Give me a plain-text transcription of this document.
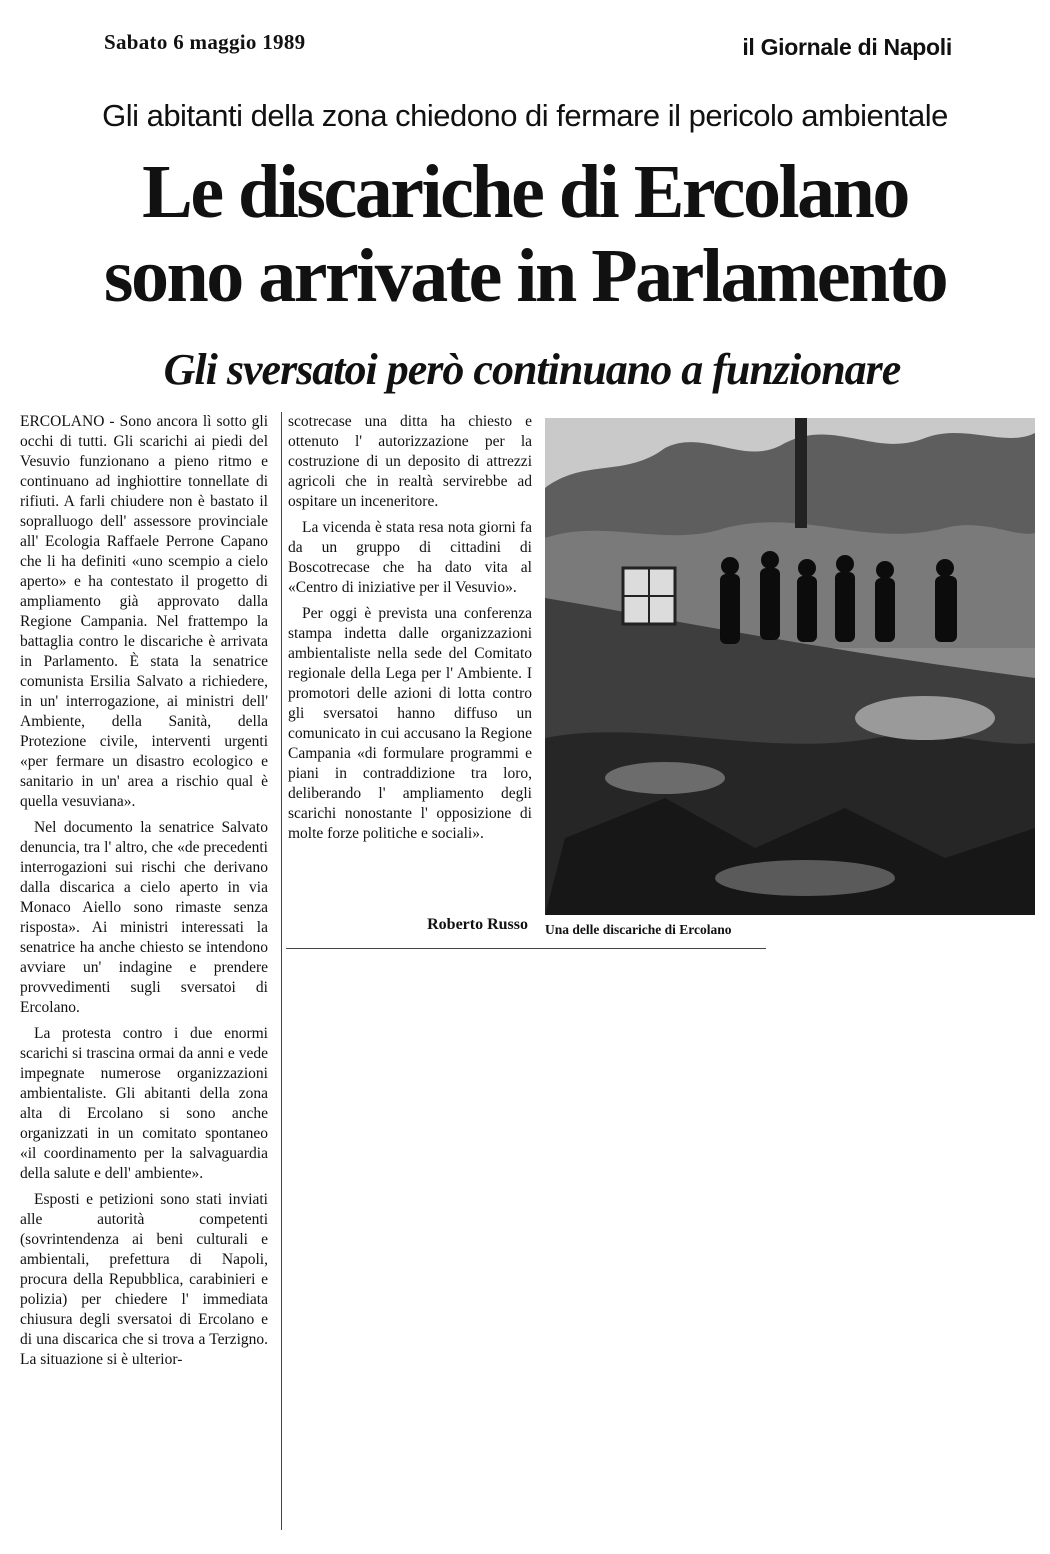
Sabato 6 maggio 1989	il Giornale di Napoli
Gli abitanti della zona chiedono di fermare il pericolo ambientale
Le discariche di Ercolano
sono arrivate in Parlamento
Gli sversatoi però continuano a funzionare

ERCOLANO - Sono ancora lì sotto gli occhi di tutti. Gli scarichi ai piedi del Vesuvio funzionano a pieno ritmo e continuano ad inghiottire tonnellate di rifiuti. A farli chiudere non è bastato il sopralluogo dell' assessore provinciale all' Ecologia Raffaele Perrone Capano che li ha definiti «uno scempio a cielo aperto» e ha contestato il progetto di ampliamento già approvato dalla Regione Campania. Nel frattempo la battaglia contro le discariche è arrivata in Parlamento. È stata la senatrice comunista Ersilia Salvato a richiedere, in un' interrogazione, ai ministri dell' Ambiente, della Sanità, della Protezione civile, interventi urgenti «per fermare un disastro ecologico e sanitario in un' area a rischio qual è quella vesuviana».

Nel documento la senatrice Salvato denuncia, tra l' altro, che «de precedenti interrogazioni sui rischi che derivano dalla discarica a cielo aperto in via Monaco Aiello sono rimaste senza risposta». Ai ministri interessati la senatrice ha anche chiesto se intendono avviare un' indagine e prendere provvedimenti sugli sversatoi di Ercolano.

La protesta contro i due enormi scarichi si trascina ormai da anni e vede impegnate numerose organizzazioni ambientaliste. Gli abitanti della zona alta di Ercolano si sono anche organizzati in un comitato spontaneo «il coordinamento per la salvaguardia della salute e dell' ambiente».

Esposti e petizioni sono stati inviati alle autorità competenti (sovrintendenza ai beni culturali e ambientali, prefettura di Napoli, procura della Repubblica, carabinieri e polizia) per chiedere l' immediata chiusura degli sversatoi di Ercolano e di una discarica che si trova a Terzigno. La situazione si è ulterior-

scotrecase una ditta ha chiesto e ottenuto l' autorizzazione per la costruzione di un deposito di attrezzi agricoli che in realtà servirebbe ad ospitare un inceneritore.

La vicenda è stata resa nota giorni fa da un gruppo di cittadini di Boscotrecase che ha dato vita al «Centro di iniziative per il Vesuvio».

Per oggi è prevista una conferenza stampa indetta dalle organizzazioni ambientaliste nella sede del Comitato regionale della Lega per l' Ambiente. I promotori delle azioni di lotta contro gli sversatoi hanno diffuso un comunicato in cui accusano la Regione Campania «di formulare programmi e piani in contraddizione tra loro, deliberando l' ampliamento degli scarichi nonostante l' opposizione di molte forze politiche e sociali».

Roberto Russo Una delle discariche di Ercolano
